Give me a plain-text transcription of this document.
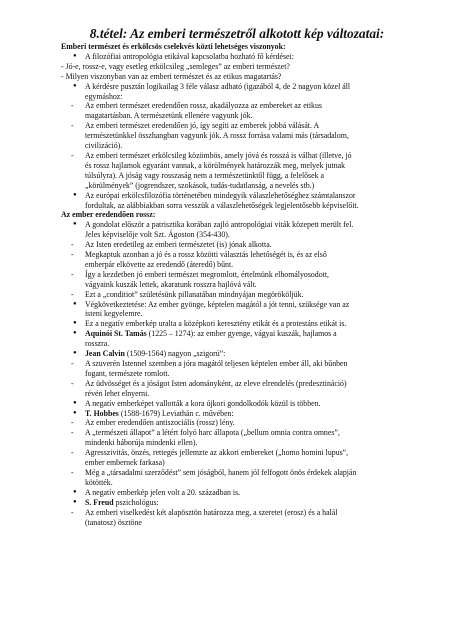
8.tétel: Az emberi természetről alkotott kép változatai:
Emberi természet és erkölcsös cselekvés közti lehetséges viszonyok:
● A filozófiai antropológia etikával kapcsolatba hozható fő kérdései:
- Jó-e, rossz-e, vagy esetleg erkölcsileg „semleges” az emberi természet?
- Milyen viszonyban van az emberi természet és az etikus magatartás?
● A kérdésre pusztán logikailag 3 féle válasz adható (igazából 4, de 2 nagyon közel áll
egymáshoz:
- Az emberi természet eredendően rossz, akadályozza az embereket az etikus
magatartásban. A természetünk ellenére vagyunk jók.
- Az emberi természet eredendően jó, így segíti az emberek jobbá válását. A
természetünkkel összhangban vagyunk jók. A rossz forrása valami más (társadalom,
civilizáció).
- Az emberi természet erkölcsileg közömbös, amely jóvá és rosszá is válhat (illetve, jó
és rossz hajlamok egyaránt vannak, a körülmények határozzák meg, melyek jutnak
túlsúlyra). A jóság vagy rosszaság nem a természetünktől függ, a felelősek a
„körülmények” (jogrendszer, szokások, tudás-tudatlanság, a nevelés stb.)
● Az európai erkölcsfilozófia történetében mindegyik válaszlehetőséghez számtalanszor
fordultak, az alábbiakban sorra vesszük a válaszlehetőségek legjelentősebb képviselőit.
Az ember eredendően rossz:
● A gondolat először a patrisztika korában zajló antropológiai viták közepett merült fel.
Jeles képviselője volt Szt. Ágoston (354-430).
- Az Isten eredetileg az emberi természetet (is) jónak alkotta.
- Megkaptuk azonban a jó és a rossz közötti választás lehetőségét is, és az első
emberpár elkövette az eredendő (áteredő) bűnt.
- Így a kezdetben jó emberi természet megromlott, értelmünk elhomályosodott,
vágyaink kuszák lettek, akaratunk rosszra hajlóvá vált.
- Ezt a „conditiot” születésünk pillanatában mindnyájan megörököljük.
● Végkövetkeztetése: Az ember gyönge, képtelen magától a jót tenni, szüksége van az
isteni kegyelemre.
● Ez a negatív emberkép uralta a középkori keresztény etikát és a protestáns etikát is.
● Aquinói St. Tamás (1225 – 1274): az ember gyenge, vágyai kuszák, hajlamos a
rosszra.
● Jean Calvin (1509-1564) nagyon „szigorú”:
- A szuverén Istennel szemben a jóra magától teljesen képtelen ember áll, aki bűnben
fogant, természete romlott.
- Az üdvösséget és a jóságot Isten adományként, az eleve elrendelés (predesztináció)
révén lehet elnyerni.
● A negatív emberképet vallották a kora újkori gondolkodók közül is többen.
● T. Hobbes (1588-1679) Leviathán c. művében:
- Az ember eredendően antiszociális (rossz) lény.
- A „természeti állapot” a létért folyó harc állapota („bellum omnia contra omnes”,
mindenki háborúja mindenki ellen).
- Agresszivitás, önzés, rettegés jellemzte az akkori embereket („homo homini lupus”,
ember embernek farkasa)
- Még a „társadalmi szerződést” sem jóságból, hanem jól felfogott önös érdekek alapján
kötötték.
● A negatív emberkép jelen volt a 20. században is.
● S. Freud pszichológus:
- Az emberi viselkedést két alapösztön határozza meg, a szeretet (erosz) és a halál
(tanatosz) ösztöne
